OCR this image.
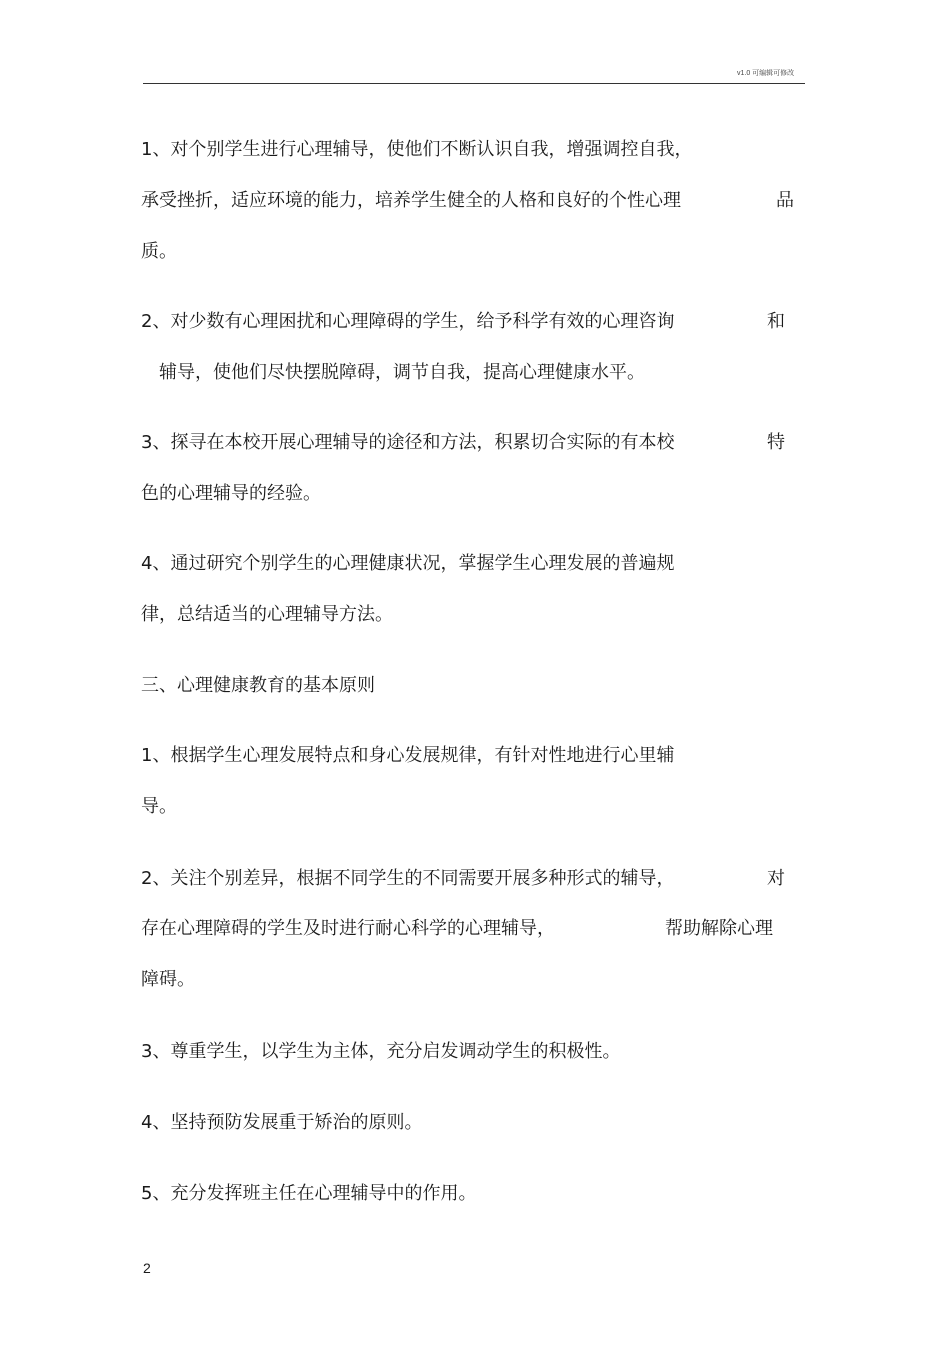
v1.0 可编辑可修改
1、对个别学生进行心理辅导，使他们不断认识自我，增强调控自我，
承受挫折，适应环境的能力，培养学生健全的人格和良好的个性心理	品
质。
2、对少数有心理困扰和心理障碍的学生，给予科学有效的心理咨询	和
辅导，使他们尽快摆脱障碍，调节自我，提高心理健康水平。
3、探寻在本校开展心理辅导的途径和方法，积累切合实际的有本校	特
色的心理辅导的经验。
4、通过研究个别学生的心理健康状况，掌握学生心理发展的普遍规
律，总结适当的心理辅导方法。
三、心理健康教育的基本原则
1、根据学生心理发展特点和身心发展规律，有针对性地进行心里辅
导。
2、关注个别差异，根据不同学生的不同需要开展多种形式的辅导，	对
存在心理障碍的学生及时进行耐心科学的心理辅导，	帮助解除心理
障碍。
3、尊重学生，以学生为主体，充分启发调动学生的积极性。
4、坚持预防发展重于矫治的原则。
5、充分发挥班主任在心理辅导中的作用。
2
